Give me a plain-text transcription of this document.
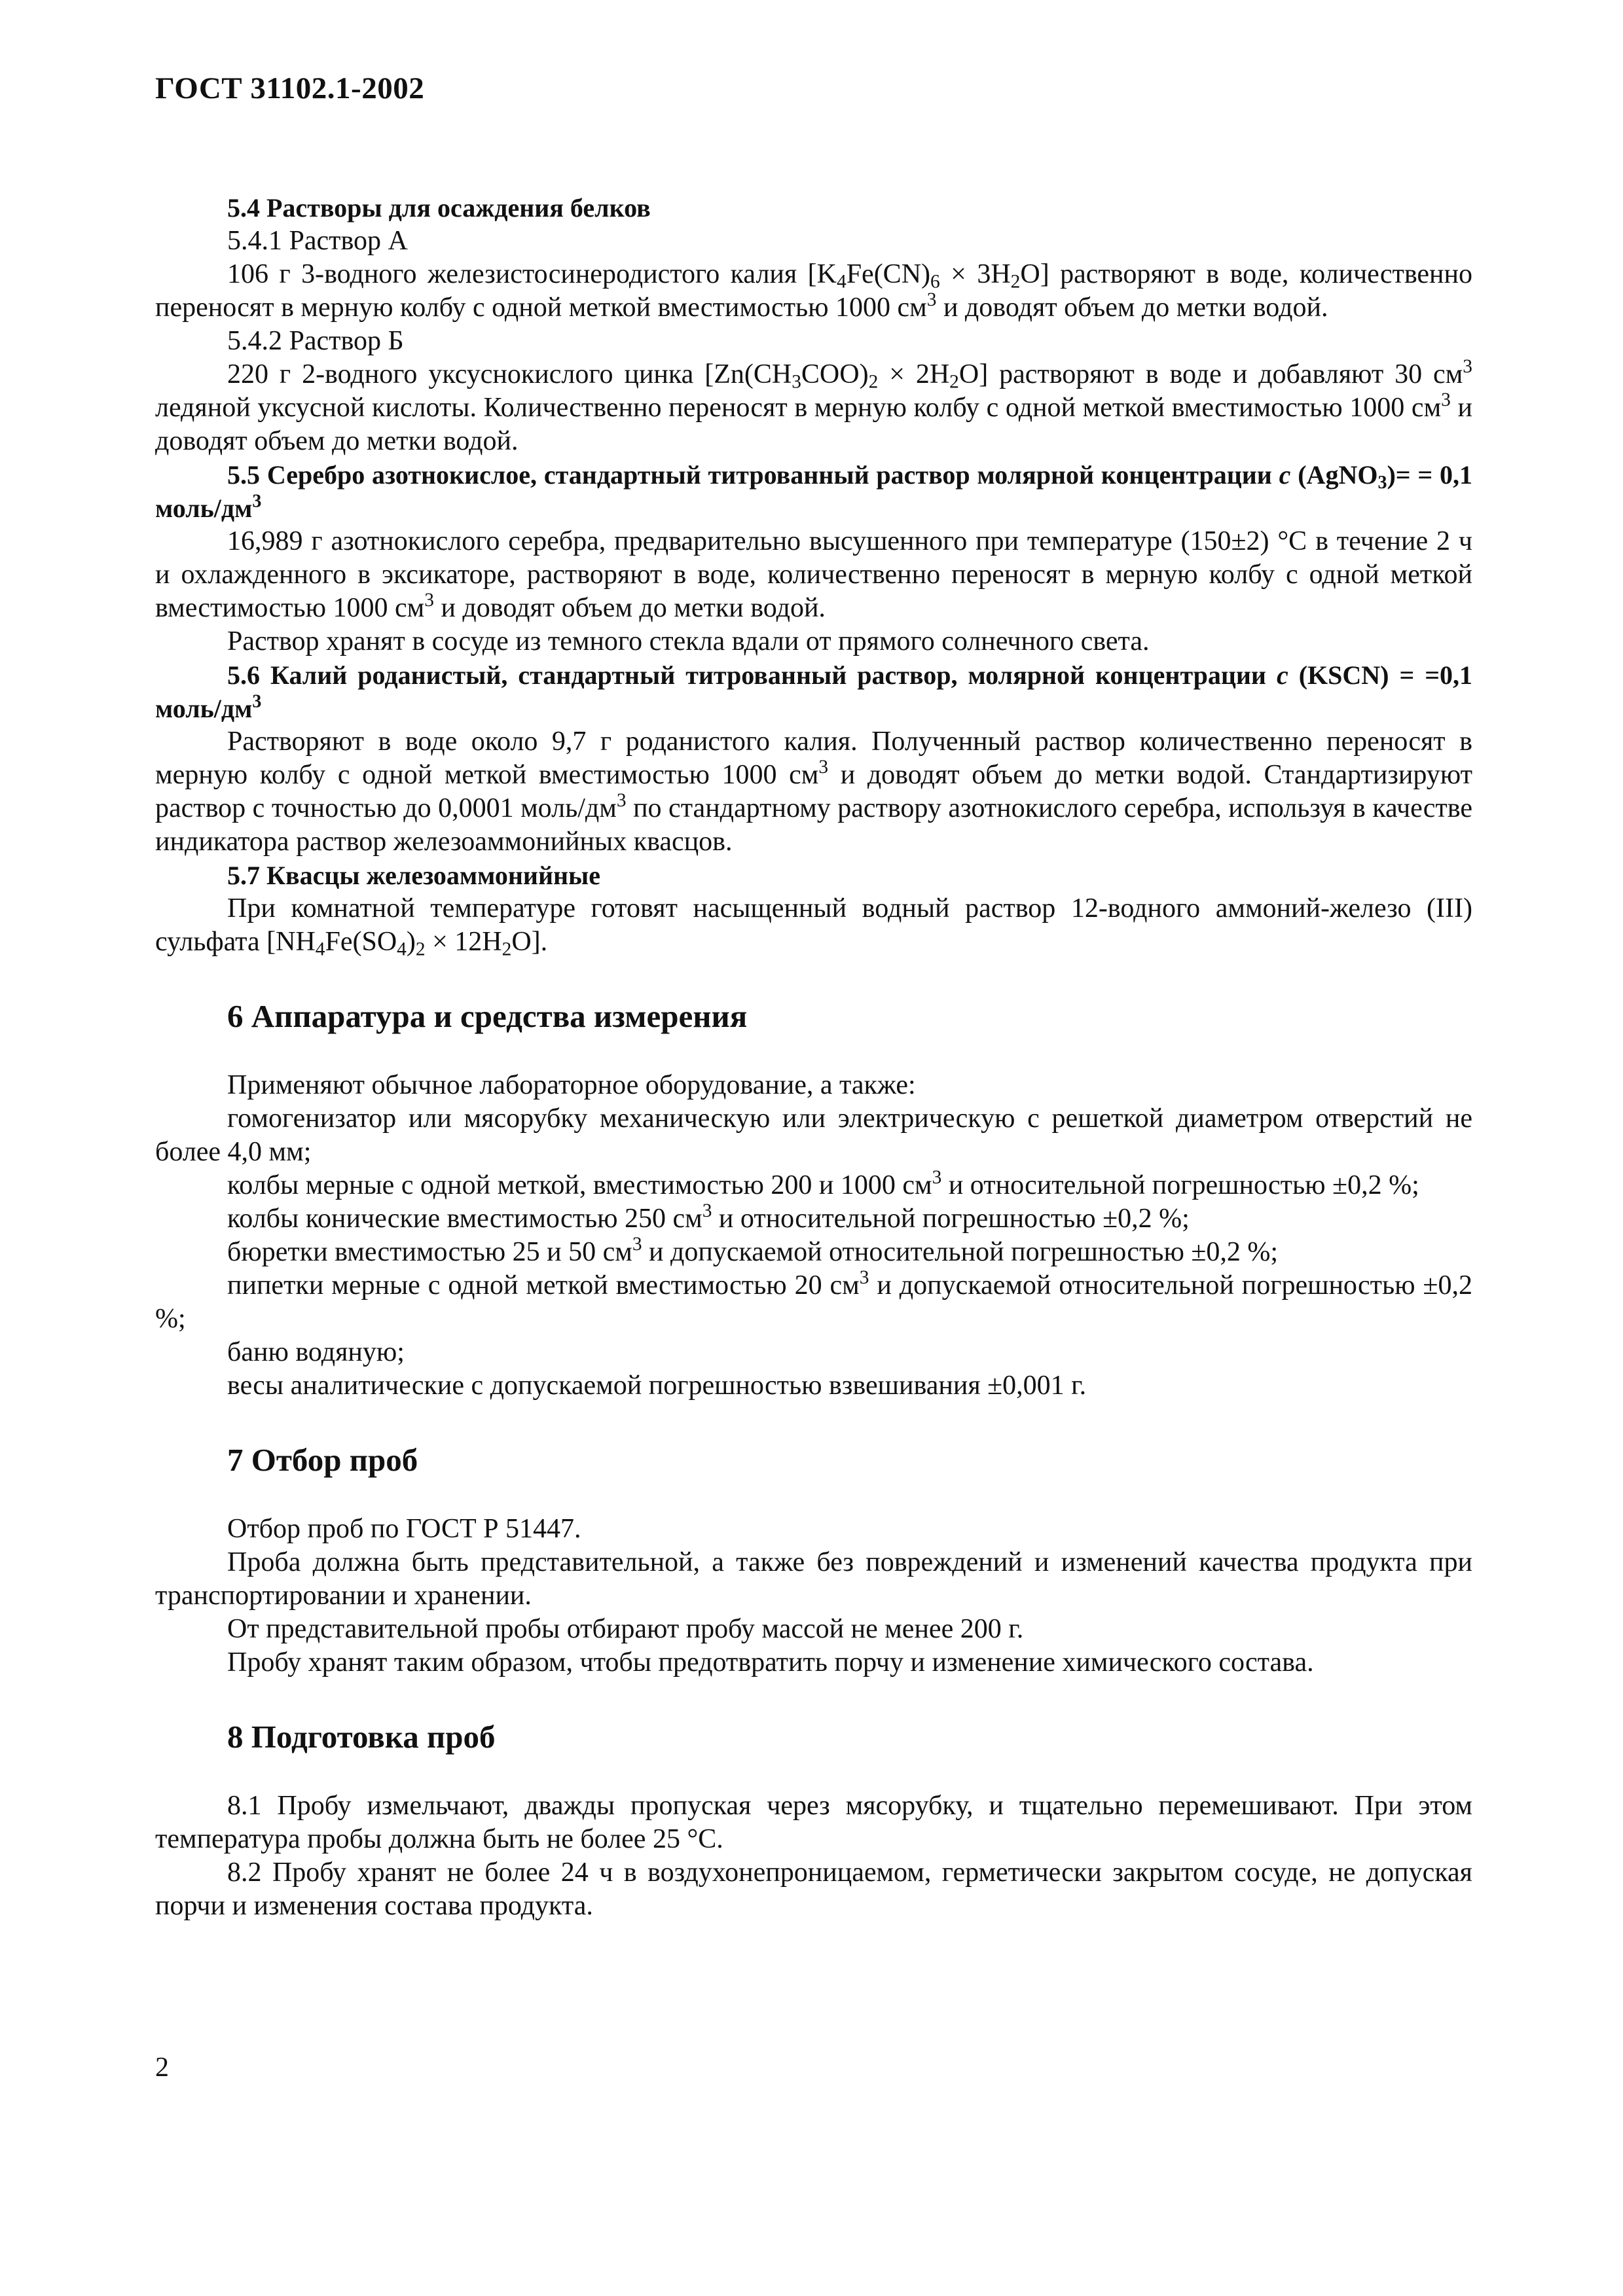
ГОСТ 31102.1-2002

5.4 Растворы для осаждения белков

5.4.1 Раствор А

106 г 3-водного железистосинеродистого калия $[K_4Fe(CN)_6 \times 3H_2O]$ растворяют в воде, количественно переносят в мерную колбу с одной меткой вместимостью 1000 $см^3$ и доводят объем до метки водой.

5.4.2 Раствор Б

220 г 2-водного уксуснокислого цинка $[Zn(CH_3COO)_2 \times 2H_2O]$ растворяют в воде и добавляют 30 $см^3$ ледяной уксусной кислоты. Количественно переносят в мерную колбу с одной меткой вместимостью 1000 $см^3$ и доводят объем до метки водой.

5.5 Серебро азотнокислое, стандартный титрованный раствор молярной концентрации c (AgNO$_3$)= = 0,1 моль/$дм^3$

16,989 г азотнокислого серебра, предварительно высушенного при температуре (150±2) °С в течение 2 ч и охлажденного в эксикаторе, растворяют в воде, количественно переносят в мерную колбу с одной меткой вместимостью 1000 $см^3$ и доводят объем до метки водой.

Раствор хранят в сосуде из темного стекла вдали от прямого солнечного света.

5.6 Калий роданистый, стандартный титрованный раствор, молярной концентрации c (KSCN) = =0,1 моль/$дм^3$

Растворяют в воде около 9,7 г роданистого калия. Полученный раствор количественно переносят в мерную колбу с одной меткой вместимостью 1000 $см^3$ и доводят объем до метки водой. Стандартизируют раствор с точностью до 0,0001 моль/$дм^3$ по стандартному раствору азотнокислого серебра, используя в качестве индикатора раствор железоаммонийных квасцов.

5.7 Квасцы железоаммонийные

При комнатной температуре готовят насыщенный водный раствор 12-водного аммоний-железо (III) сульфата $[NH_4Fe(SO_4)_2 \times 12H_2O]$.

6 Аппаратура и средства измерения

Применяют обычное лабораторное оборудование, а также:

гомогенизатор или мясорубку механическую или электрическую с решеткой диаметром отверстий не более 4,0 мм;

колбы мерные с одной меткой, вместимостью 200 и 1000 $см^3$ и относительной погрешностью ±0,2 %;

колбы конические вместимостью 250 $см^3$ и относительной погрешностью ±0,2 %;

бюретки вместимостью 25 и 50 $см^3$ и допускаемой относительной погрешностью ±0,2 %;

пипетки мерные с одной меткой вместимостью 20 $см^3$ и допускаемой относительной погрешностью ±0,2 %;

баню водяную;

весы аналитические с допускаемой погрешностью взвешивания ±0,001 г.

7 Отбор проб

Отбор проб по ГОСТ Р 51447.

Проба должна быть представительной, а также без повреждений и изменений качества продукта при транспортировании и хранении.

От представительной пробы отбирают пробу массой не менее 200 г.

Пробу хранят таким образом, чтобы предотвратить порчу и изменение химического состава.

8 Подготовка проб

8.1 Пробу измельчают, дважды пропуская через мясорубку, и тщательно перемешивают. При этом температура пробы должна быть не более 25 °С.

8.2 Пробу хранят не более 24 ч в воздухонепроницаемом, герметически закрытом сосуде, не допуская порчи и изменения состава продукта.

2
